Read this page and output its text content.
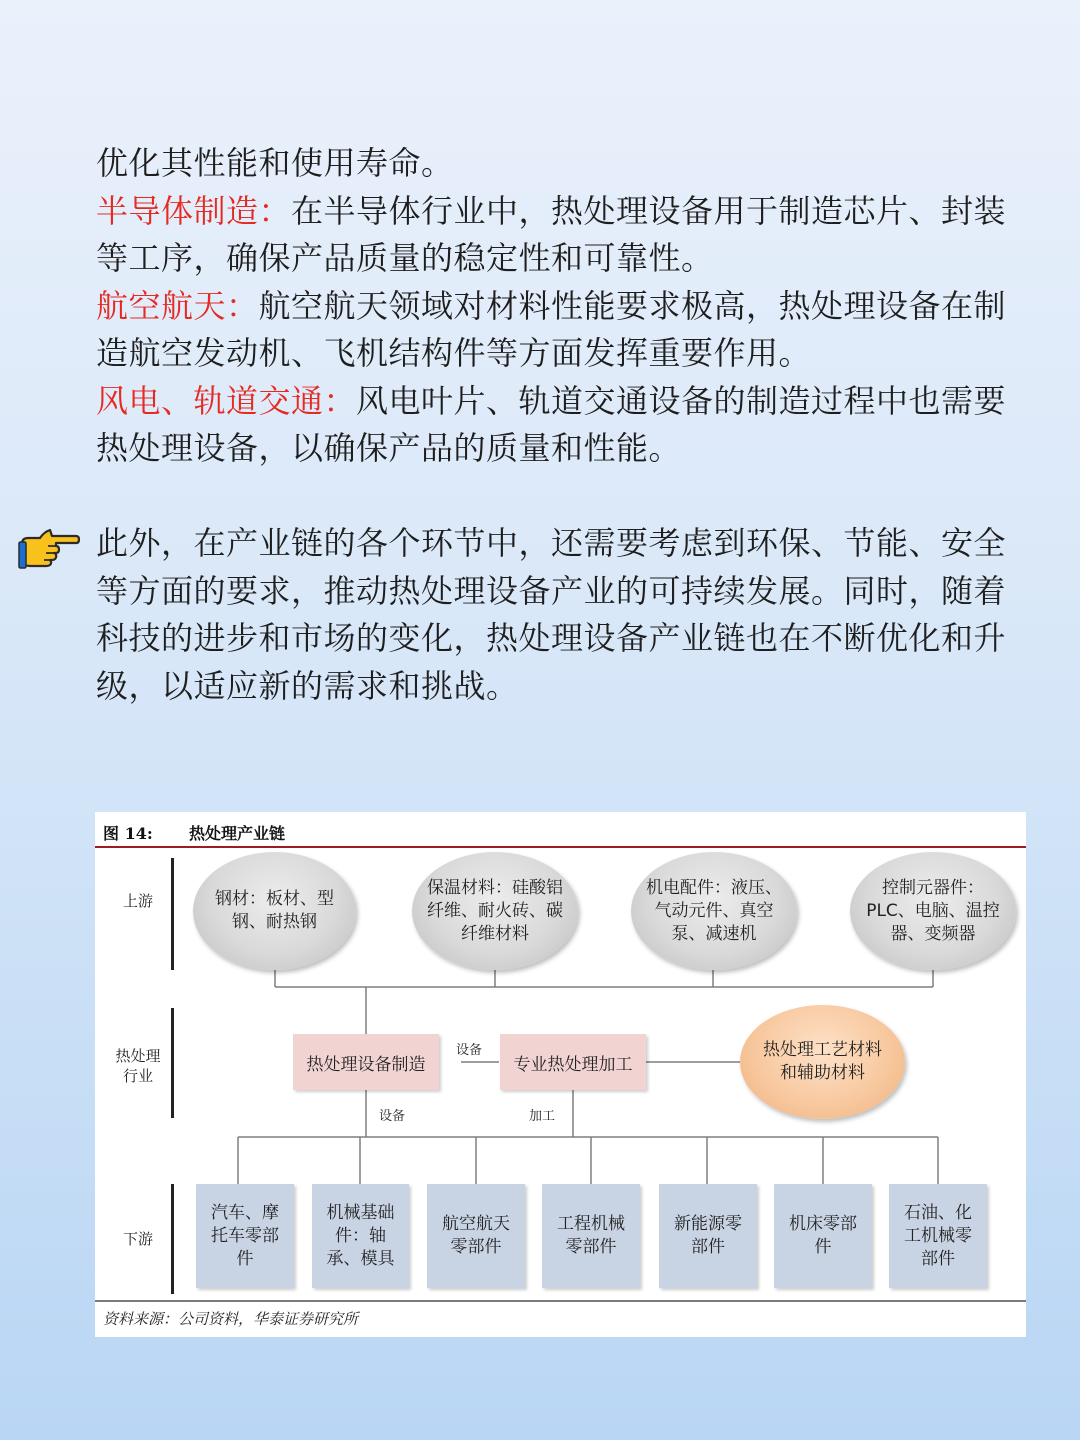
优化其性能和使用寿命。
半导体制造：在半导体行业中，热处理设备用于制造芯片、封装等工序，确保产品质量的稳定性和可靠性。
航空航天：航空航天领域对材料性能要求极高，热处理设备在制造航空发动机、飞机结构件等方面发挥重要作用。
风电、轨道交通：风电叶片、轨道交通设备的制造过程中也需要热处理设备，以确保产品的质量和性能。
此外，在产业链的各个环节中，还需要考虑到环保、节能、安全等方面的要求，推动热处理设备产业的可持续发展。同时，随着科技的进步和市场的变化，热处理设备产业链也在不断优化和升级，以适应新的需求和挑战。
图 14: 热处理产业链
上游
热处理行业
下游
钢材：板材、型钢、耐热钢
保温材料：硅酸铝纤维、耐火砖、碳纤维材料
机电配件：液压、气动元件、真空泵、减速机
控制元器件：PLC、电脑、温控器、变频器
热处理设备制造
设备
专业热处理加工
热处理工艺材料和辅助材料
设备	加工
汽车、摩托车零部件
机械基础件：轴承、模具
航空航天零部件
工程机械零部件
新能源零部件
机床零部件
石油、化工机械零部件
资料来源：公司资料，华泰证券研究所
